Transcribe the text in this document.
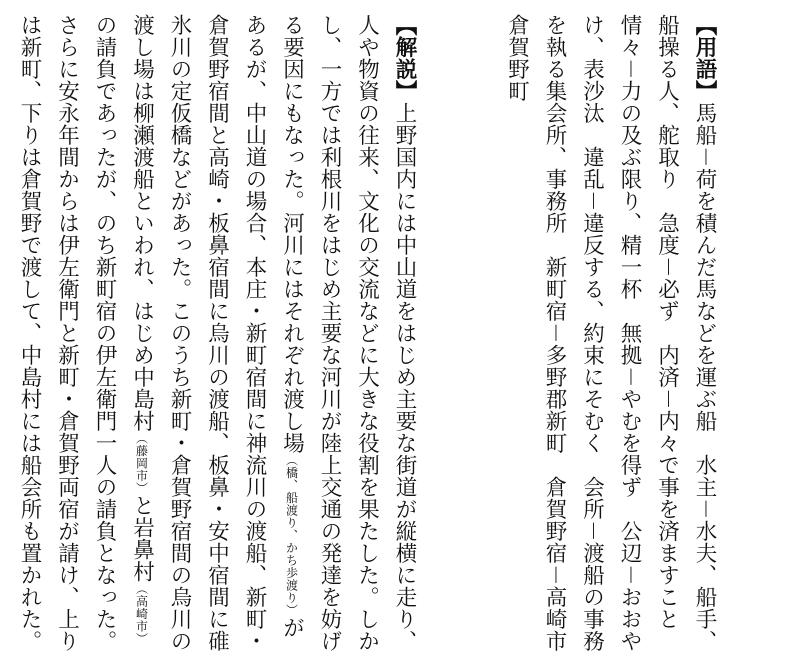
【用語】馬船－荷を積んだ馬などを運ぶ船　水主－水夫、船手、船操る人、舵取り　急度－必ず　内済－内々で事を済ますこと　情々－力の及ぶ限り、精一杯　無拠－やむを得ず　公辺－おおやけ、表沙汰　違乱－違反する、約束にそむく　会所－渡船の事務を執る集会所、事務所　新町宿－多野郡新町　倉賀野宿－高崎市倉賀野町

【解説】上野国内には中山道をはじめ主要な街道が縦横に走り、人や物資の往来、文化の交流などに大きな役割を果たした。しかし、一方では利根川をはじめ主要な河川が陸上交通の発達を妨げる要因にもなった。河川にはそれぞれ渡し場（橋、船渡り、かち歩渡り）があるが、中山道の場合、本庄・新町宿間に神流川の渡船、新町・倉賀野宿間と高崎・板鼻宿間に烏川の渡船、板鼻・安中宿間に碓氷川の定仮橋などがあった。このうち新町・倉賀野宿間の烏川の渡し場は柳瀬渡船といわれ、はじめ中島村（藤岡市）と岩鼻村（高崎市）の請負であったが、のち新町宿の伊左衛門一人の請負となった。さらに安永年間からは伊左衛門と新町・倉賀野両宿が請け、上りは新町、下りは倉賀野で渡して、中島村には船会所も置かれた。
